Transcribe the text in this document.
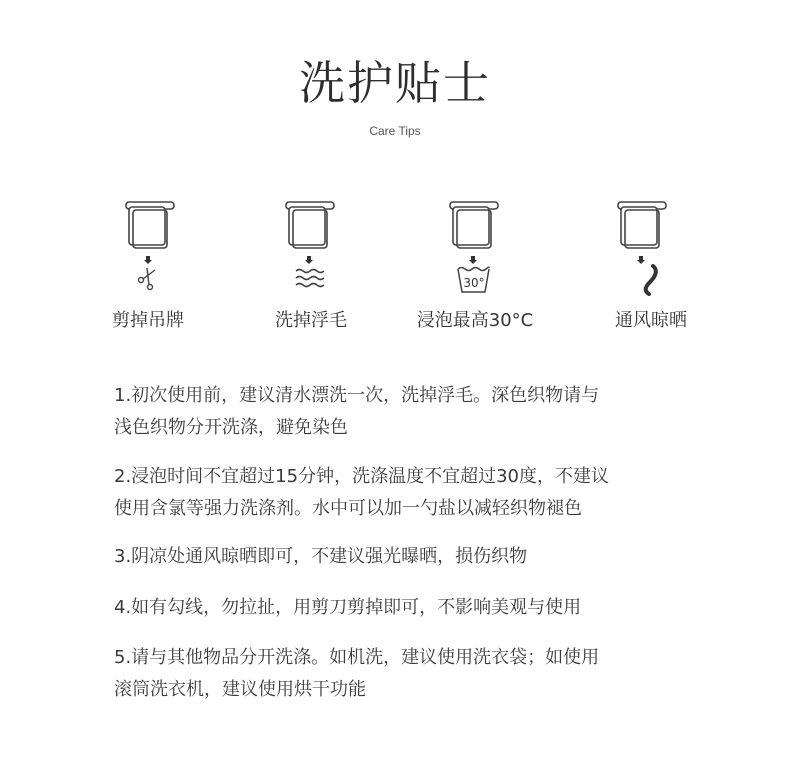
洗护贴士
Care Tips
剪掉吊牌	洗掉浮毛
30°
浸泡最高30°C	通风晾晒
1.初次使用前，建议清水漂洗一次，洗掉浮毛。深色织物请与
浅色织物分开洗涤，避免染色
2.浸泡时间不宜超过15分钟，洗涤温度不宜超过30度，不建议
使用含氯等强力洗涤剂。水中可以加一勺盐以减轻织物褪色
3.阴凉处通风晾晒即可，不建议强光曝晒，损伤织物
4.如有勾线，勿拉扯，用剪刀剪掉即可，不影响美观与使用
5.请与其他物品分开洗涤。如机洗，建议使用洗衣袋；如使用
滚筒洗衣机，建议使用烘干功能
